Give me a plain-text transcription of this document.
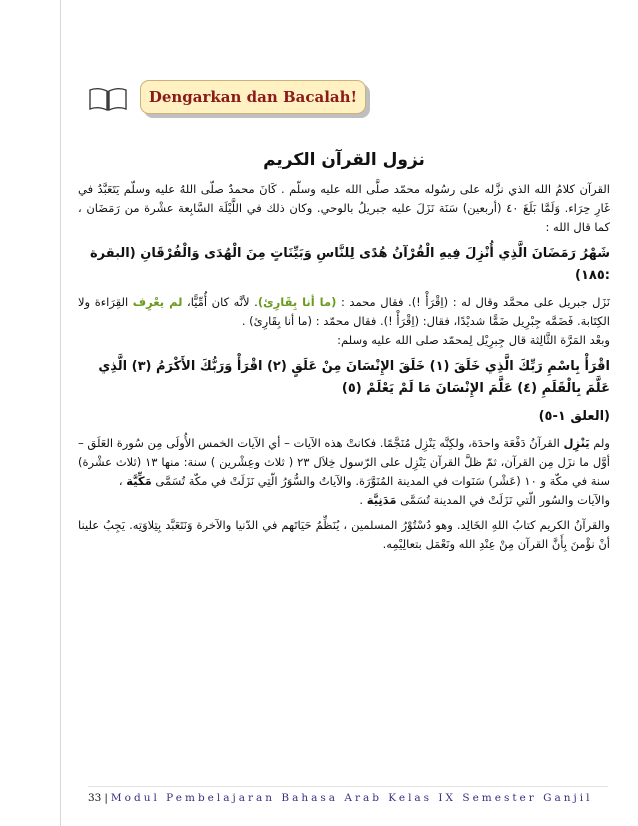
Dengarkan dan Bacalah!
نزول القرآن الكريم

القرآن كلامُ الله الذي نزَّله على رسُوله محمّد صلَّى الله عليه وسلّم . كَانَ محمدٌ صلّى اللهُ عليه وسلّم يَتَعَبَّدُ في غَارِ حِرَاء. وَلَمَّا بَلَغَ ٤٠ (أربعين) سَنَة نَزَلَ عليه جبريلُ بالوحي. وكان ذلك في اللَّيْلَة السَّابِعة عشْرة من رَمَضَان ، كما قال الله :

شَهْرُ رَمَضَانَ الَّذِي أُنْزِلَ فِيهِ الْقُرْآنُ هُدًى لِلنَّاسِ وَبَيِّنَاتٍ مِنَ الْهُدَى وَالْفُرْقَانِ (البقرة :١٨٥)

نَزَل جبريل على محمَّد وقال له : (اِقْرَأْ !). فقال محمد : (ما أنا بِقَارِئ). لأنَّه كان أُمِّيًّا، لم يعْرِف القِرَاءة ولا الكِتَابة. فَضَمَّه جِبْرِيل ضَمًّا شديْدًا، فقال: (اِقْرَأْ !). فقال محمّد : (ما أنا بِقَارِئ) .

وبعْد المَرَّة الثَّالِثة قال جِبرِيْل لِمحمّد صلى الله عليه وسلم:

اقْرَأْ بِاسْمِ رَبِّكَ الَّذِي خَلَقَ (١) خَلَقَ الإِنْسَانَ مِنْ عَلَقٍ (٢) اقْرَأْ وَرَبُّكَ الأَكْرَمُ (٣) الَّذِي عَلَّمَ بِالْقَلَمِ (٤) عَلَّمَ الإِنْسَانَ مَا لَمْ يَعْلَمْ (٥)

(العلق ١-٥)

ولم يَنْزِل القرآنُ دَفْعَة واحدَة، ولكِنَّه يَنْزِل مُنَجَّمًا. فكانتْ هذه الآيات – أي الآيات الخمس الأُولَى مِن سُورة العَلَق – أوَّل ما نزَل مِن القرآن، ثمّ ظلَّ القرآن يَنْزِل على الرّسول خِلاَل ٢٣ ( ثلاث وعِشْرين ) سنة: منها ١٣ (ثلاث عشْرة) سنة في مكّة و ١٠ (عَشْر) سَنَوات في المدينة المُنَوَّرَة. والآياتُ والسُّوَرُ الّتِي نَزَلَتْ في مكّة تُسَمَّى مَكِّيَّة ،

والآيات والسُور الّتي نَزَلَتْ في المدينة تُسَمَّى مَدَنِيَّة .

والقرآنُ الكريم كتابُ اللهِ الخَالِد. وهو دُسْتُوْرُ المسلمين ، يُنَظِّمُ حَيَاتَهم في الدّنيا والآخرة وَنَتَعَبَّد بِتِلاوَتِه. يَجِبُ علينا أنْ نؤْمنَ بِأَنَّ القرآن مِنْ عِنْدِ الله ونَعْمَل بتعالِيْمِه.

33 | Modul Pembelajaran Bahasa Arab Kelas IX Semester Ganjil
